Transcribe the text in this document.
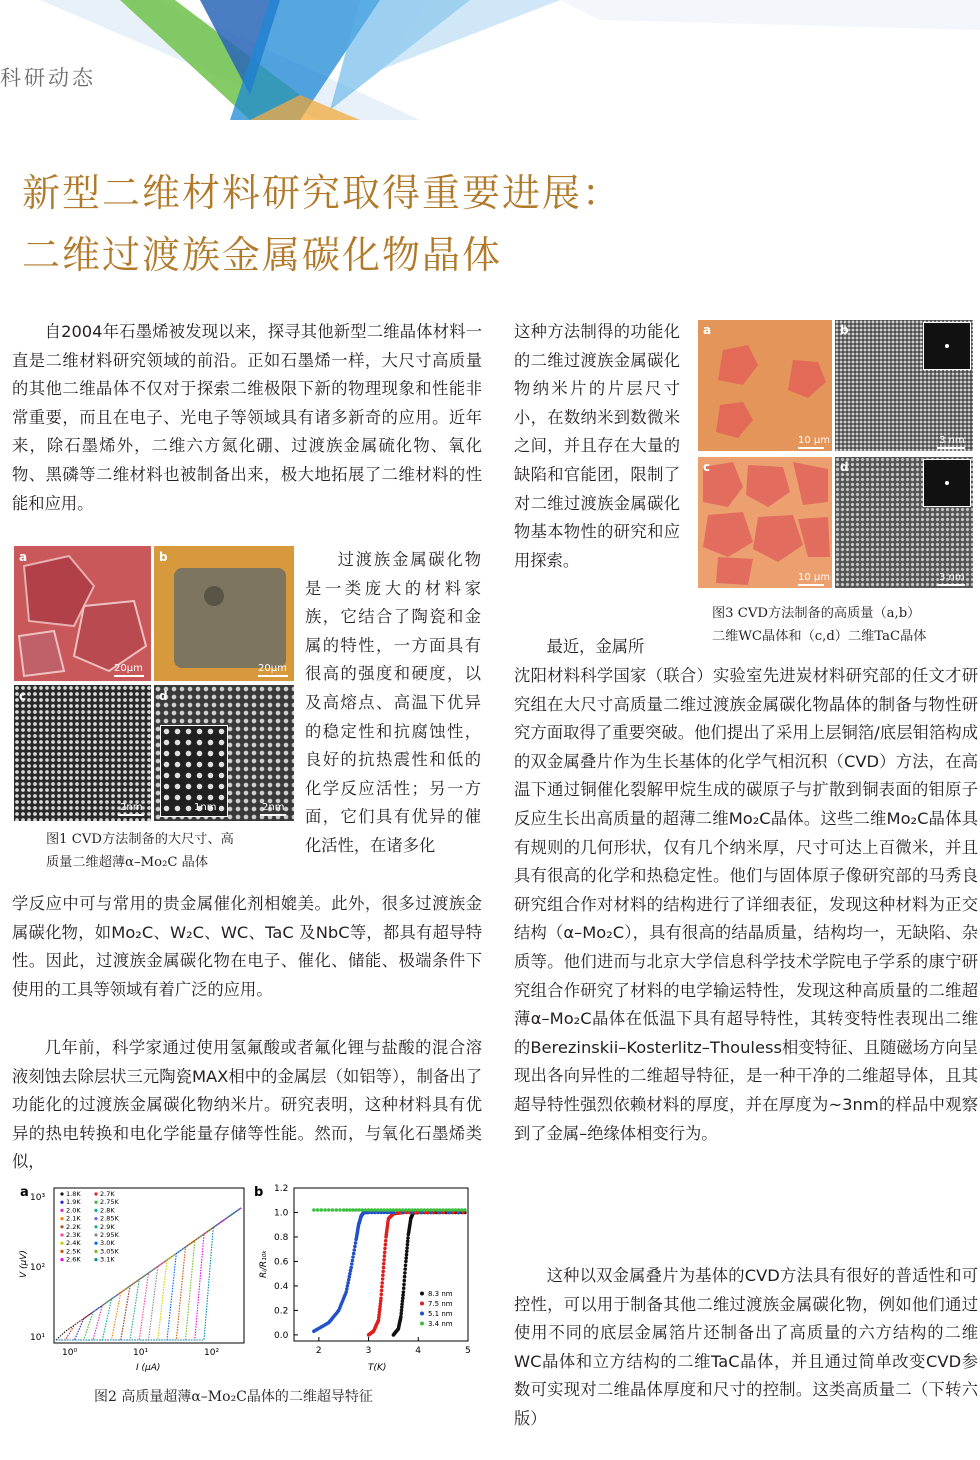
科研动态
新型二维材料研究取得重要进展：
二维过渡族金属碳化物晶体

自2004年石墨烯被发现以来，探寻其他新型二维晶体材料一直是二维材料研究领域的前沿。正如石墨烯一样，大尺寸高质量的其他二维晶体不仅对于探索二维极限下新的物理现象和性能非常重要，而且在电子、光电子等领域具有诸多新奇的应用。近年来，除石墨烯外，二维六方氮化硼、过渡族金属硫化物、氧化物、黑磷等二维材料也被制备出来，极大地拓展了二维材料的性能和应用。

a
20μm
b
20μm
c
2nm
d
1nm	2nm
图1 CVD方法制备的大尺寸、高
质量二维超薄α–Mo₂C 晶体

过渡族金属碳化物是一类庞大的材料家族，它结合了陶瓷和金属的特性，一方面具有很高的强度和硬度，以及高熔点、高温下优异的稳定性和抗腐蚀性，良好的抗热震性和低的化学反应活性；另一方面，它们具有优异的催化活性，在诸多化

学反应中可与常用的贵金属催化剂相媲美。此外，很多过渡族金属碳化物，如Mo₂C、W₂C、WC、TaC 及NbC等，都具有超导特性。因此，过渡族金属碳化物在电子、催化、储能、极端条件下使用的工具等领域有着广泛的应用。

几年前，科学家通过使用氢氟酸或者氟化锂与盐酸的混合溶液刻蚀去除层状三元陶瓷MAX相中的金属层（如铝等），制备出了功能化的过渡族金属碳化物纳米片。研究表明，这种材料具有优异的热电转换和电化学能量存储等性能。然而，与氧化石墨烯类似，

a 10³
10²
10¹
10⁰	10¹	10²
I (μA)
V (μV)
1.8K	2.7K
1.9K	2.75K
2.0K	2.8K
2.1K	2.85K
2.2K	2.9K
2.3K	2.95K
2.4K	3.0K
2.5K	3.05K
2.6K	3.1K
b
2	3	4	5
1.2
1.0
0.8
0.6
0.4
0.2
0.0
T(K)
Rᵢ/R₁₀ₖ
8.3 nm
7.5 nm
5.1 nm
3.4 nm
图2 高质量超薄α–Mo₂C晶体的二维超导特征

这种方法制得的功能化的二维过渡族金属碳化物纳米片的片层尺寸小，在数纳米到数微米之间，并且存在大量的缺陷和官能团，限制了对二维过渡族金属碳化物基本物性的研究和应用探索。

a
10 μm
b
3 nm
c
10 μm
d
3 nm
图3 CVD方法制备的高质量（a,b）
二维WC晶体和（c,d）二维TaC晶体

最近，金属所

沈阳材料科学国家（联合）实验室先进炭材料研究部的任文才研究组在大尺寸高质量二维过渡族金属碳化物晶体的制备与物性研究方面取得了重要突破。他们提出了采用上层铜箔/底层钼箔构成的双金属叠片作为生长基体的化学气相沉积（CVD）方法，在高温下通过铜催化裂解甲烷生成的碳原子与扩散到铜表面的钼原子反应生长出高质量的超薄二维Mo₂C晶体。这些二维Mo₂C晶体具有规则的几何形状，仅有几个纳米厚，尺寸可达上百微米，并且具有很高的化学和热稳定性。他们与固体原子像研究部的马秀良研究组合作对材料的结构进行了详细表征，发现这种材料为正交结构（α–Mo₂C），具有很高的结晶质量，结构均一，无缺陷、杂质等。他们进而与北京大学信息科学技术学院电子学系的康宁研究组合作研究了材料的电学输运特性，发现这种高质量的二维超薄α–Mo₂C晶体在低温下具有超导特性，其转变特性表现出二维的Berezinskii–Kosterlitz–Thouless相变特征、且随磁场方向呈现出各向异性的二维超导特征，是一种干净的二维超导体，且其超导特性强烈依赖材料的厚度，并在厚度为~3nm的样品中观察到了金属–绝缘体相变行为。

这种以双金属叠片为基体的CVD方法具有很好的普适性和可控性，可以用于制备其他二维过渡族金属碳化物，例如他们通过使用不同的底层金属箔片还制备出了高质量的六方结构的二维WC晶体和立方结构的二维TaC晶体，并且通过简单改变CVD参数可实现对二维晶体厚度和尺寸的控制。这类高质量二（下转六版）
